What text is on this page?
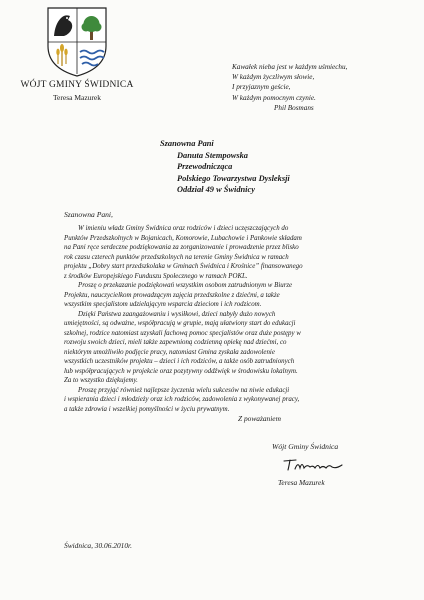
WÓJT GMINY ŚWIDNICA
Teresa Mazurek
Kawałek nieba jest w każdym uśmiechu,
W każdym życzliwym słowie,
I przyjaznym geście,
W każdym pomocnym czynie.
Phil Bosmans
Szanowna Pani
Danuta Stempowska
Przewodnicząca
Polskiego Towarzystwa Dysleksji
Oddział 49 w Świdnicy
Szanowna Pani,
W imieniu władz Gminy Świdnica oraz rodziców i dzieci uczęszczających do
Punktów Przedszkolnych w Bojanicach, Komorowie, Lubachowie i Pankowie składam
na Pani ręce serdeczne podziękowania za zorganizowanie i prowadzenie przez blisko
rok czasu czterech punktów przedszkolnych na terenie Gminy Świdnica w ramach
projektu „Dobry start przedszkolaka w Gminach Świdnica i Krośnice” finansowanego
z środków Europejskiego Funduszu Społecznego w ramach POKL.
Proszę o przekazanie podziękowań wszystkim osobom zatrudnionym w Biurze
Projektu, nauczycielkom prowadzącym zajęcia przedszkolne z dziećmi, a także
wszystkim specjalistom udzielającym wsparcia dzieciom i ich rodzicom.
Dzięki Państwa zaangażowaniu i wysiłkowi, dzieci nabyły dużo nowych
umiejętności, są odważne, współpracują w grupie, mają ułatwiony start do edukacji
szkolnej, rodzice natomiast uzyskali fachową pomoc specjalistów oraz duże postępy w
rozwoju swoich dzieci, mieli także zapewnioną codzienną opiekę nad dziećmi, co
niektórym umożliwiło podjęcie pracy, natomiast Gmina zyskała zadowolenie
wszystkich uczestników projektu – dzieci i ich rodziców, a także osób zatrudnionych
lub współpracujących w projekcie oraz pozytywny oddźwięk w środowisku lokalnym.
Za to wszystko dziękujemy.
Proszę przyjąć również najlepsze życzenia wielu sukcesów na niwie edukacji
i wspierania dzieci i młodzieży oraz ich rodziców, zadowolenia z wykonywanej pracy,
a także zdrowia i wszelkiej pomyślności w życiu prywatnym.
Z poważaniem
Wójt Gminy Świdnica
Teresa Mazurek
Świdnica, 30.06.2010r.
